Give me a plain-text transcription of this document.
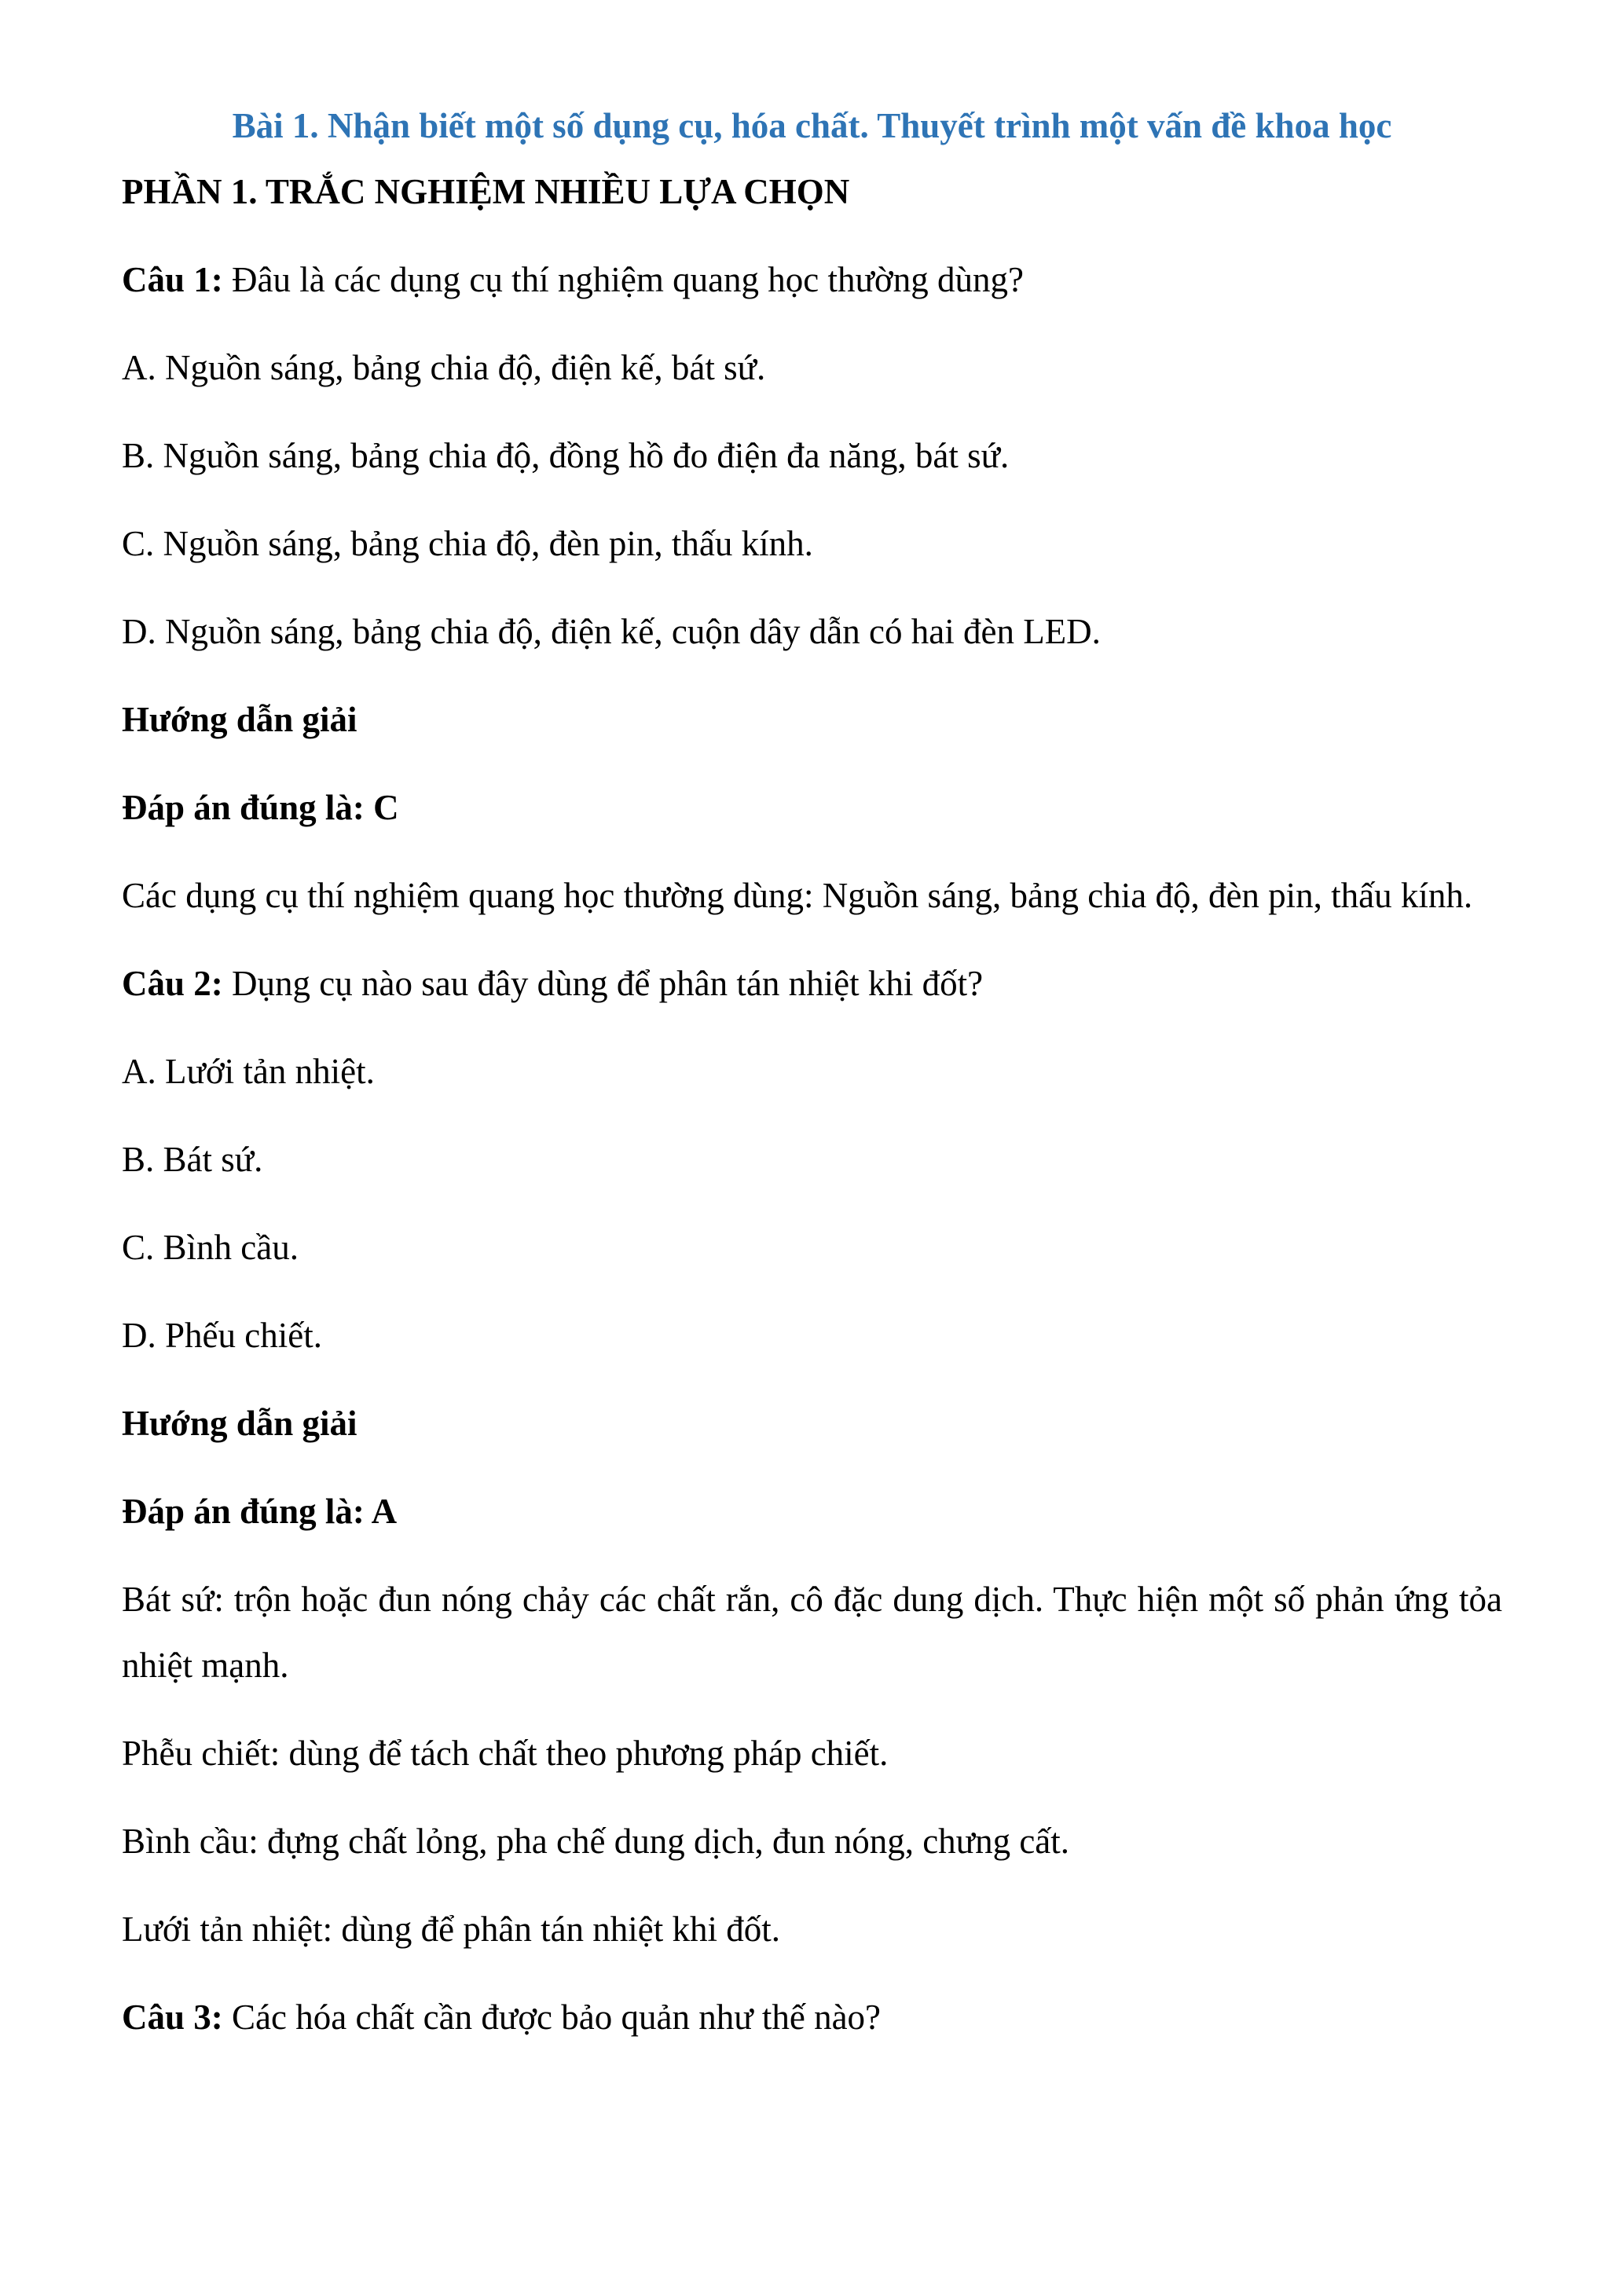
Bài 1. Nhận biết một số dụng cụ, hóa chất. Thuyết trình một vấn đề khoa học

PHẦN 1. TRẮC NGHIỆM NHIỀU LỰA CHỌN

Câu 1: Đâu là các dụng cụ thí nghiệm quang học thường dùng?

A. Nguồn sáng, bảng chia độ, điện kế, bát sứ.

B. Nguồn sáng, bảng chia độ, đồng hồ đo điện đa năng, bát sứ.

C. Nguồn sáng, bảng chia độ, đèn pin, thấu kính.

D. Nguồn sáng, bảng chia độ, điện kế, cuộn dây dẫn có hai đèn LED.

Hướng dẫn giải

Đáp án đúng là: C

Các dụng cụ thí nghiệm quang học thường dùng: Nguồn sáng, bảng chia độ, đèn pin, thấu kính.

Câu 2: Dụng cụ nào sau đây dùng để phân tán nhiệt khi đốt?

A. Lưới tản nhiệt.

B. Bát sứ.

C. Bình cầu.

D. Phếu chiết.

Hướng dẫn giải

Đáp án đúng là: A

Bát sứ: trộn hoặc đun nóng chảy các chất rắn, cô đặc dung dịch. Thực hiện một số phản ứng tỏa nhiệt mạnh.

Phễu chiết: dùng để tách chất theo phương pháp chiết.

Bình cầu: đựng chất lỏng, pha chế dung dịch, đun nóng, chưng cất.

Lưới tản nhiệt: dùng để phân tán nhiệt khi đốt.

Câu 3: Các hóa chất cần được bảo quản như thế nào?
